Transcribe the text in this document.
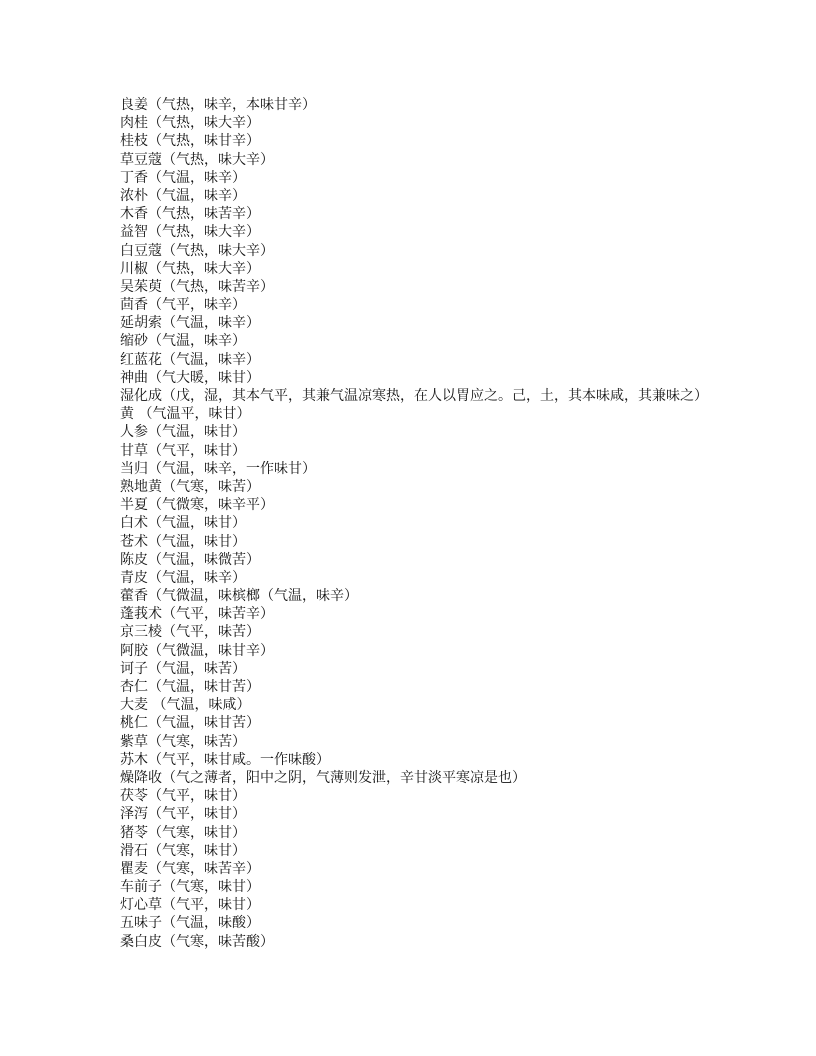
良姜（气热，味辛，本味甘辛）
肉桂（气热，味大辛）
桂枝（气热，味甘辛）
草豆蔻（气热，味大辛）
丁香（气温，味辛）
浓朴（气温，味辛）
木香（气热，味苦辛）
益智（气热，味大辛）
白豆蔻（气热，味大辛）
川椒（气热，味大辛）
吴茱萸（气热，味苦辛）
茴香（气平，味辛）
延胡索（气温，味辛）
缩砂（气温，味辛）
红蓝花（气温，味辛）
神曲（气大暖，味甘）
湿化成（戊，湿，其本气平，其兼气温凉寒热，在人以胃应之。己，土，其本味咸，其兼味之）
黄 （气温平，味甘）
人参（气温，味甘）
甘草（气平，味甘）
当归（气温，味辛，一作味甘）
熟地黄（气寒，味苦）
半夏（气微寒，味辛平）
白术（气温，味甘）
苍术（气温，味甘）
陈皮（气温，味微苦）
青皮（气温，味辛）
藿香（气微温，味槟榔（气温，味辛）
蓬莪术（气平，味苦辛）
京三棱（气平，味苦）
阿胶（气微温，味甘辛）
诃子（气温，味苦）
杏仁（气温，味甘苦）
大麦 （气温，味咸）
桃仁（气温，味甘苦）
紫草（气寒，味苦）
苏木（气平，味甘咸。一作味酸）
燥降收（气之薄者，阳中之阴，气薄则发泄，辛甘淡平寒凉是也）
茯苓（气平，味甘）
泽泻（气平，味甘）
猪苓（气寒，味甘）
滑石（气寒，味甘）
瞿麦（气寒，味苦辛）
车前子（气寒，味甘）
灯心草（气平，味甘）
五味子（气温，味酸）
桑白皮（气寒，味苦酸）
